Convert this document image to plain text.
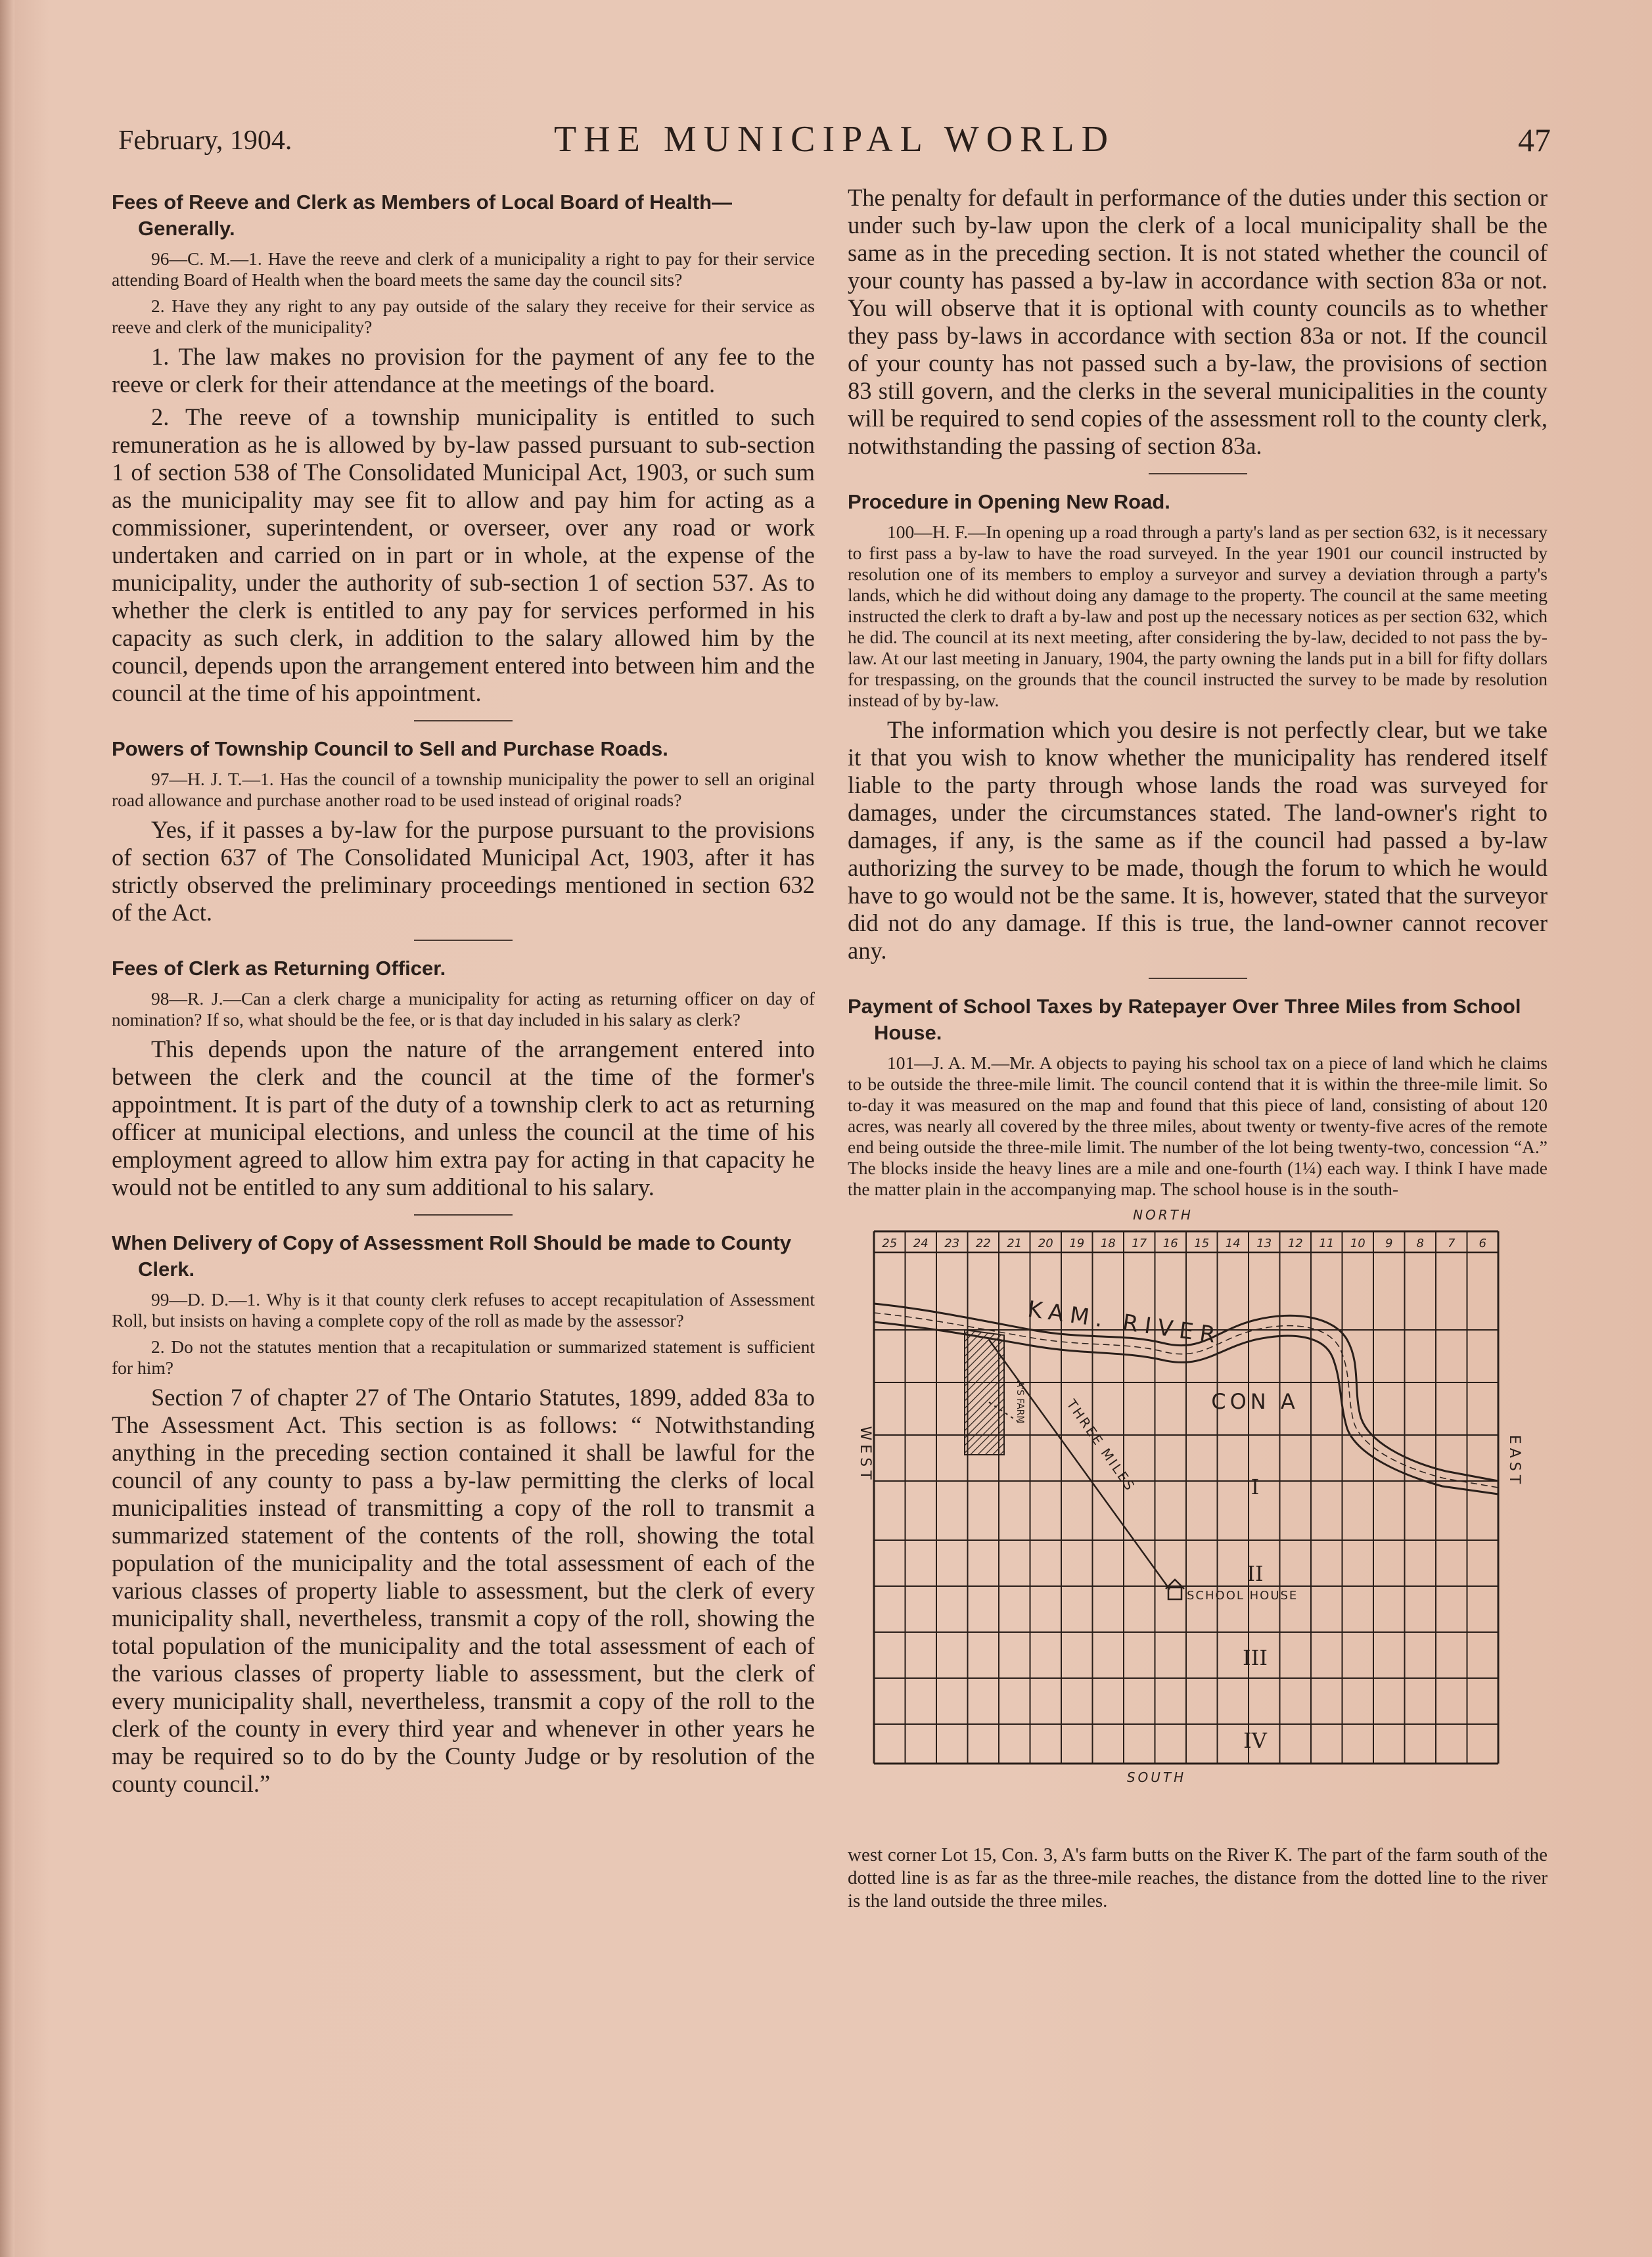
February, 1904.	THE MUNICIPAL WORLD	47
Fees of Reeve and Clerk as Members of Local Board of Health—Generally.

96—C. M.—1. Have the reeve and clerk of a municipality a right to pay for their service attending Board of Health when the board meets the same day the council sits?

2. Have they any right to any pay outside of the salary they receive for their service as reeve and clerk of the municipality?

1. The law makes no provision for the payment of any fee to the reeve or clerk for their attendance at the meetings of the board.

2. The reeve of a township municipality is entitled to such remuneration as he is allowed by by-law passed pursuant to sub-section 1 of section 538 of The Consolidated Municipal Act, 1903, or such sum as the municipality may see fit to allow and pay him for acting as a commissioner, superintendent, or overseer, over any road or work undertaken and carried on in part or in whole, at the expense of the municipality, under the authority of sub-section 1 of section 537. As to whether the clerk is entitled to any pay for services performed in his capacity as such clerk, in addition to the salary allowed him by the council, depends upon the arrangement entered into between him and the council at the time of his appointment.

Powers of Township Council to Sell and Purchase Roads.

97—H. J. T.—1. Has the council of a township municipality the power to sell an original road allowance and purchase another road to be used instead of original roads?

Yes, if it passes a by-law for the purpose pursuant to the provisions of section 637 of The Consolidated Municipal Act, 1903, after it has strictly observed the preliminary proceedings mentioned in section 632 of the Act.

Fees of Clerk as Returning Officer.

98—R. J.—Can a clerk charge a municipality for acting as returning officer on day of nomination? If so, what should be the fee, or is that day included in his salary as clerk?

This depends upon the nature of the arrangement entered into between the clerk and the council at the time of the former's appointment. It is part of the duty of a township clerk to act as returning officer at municipal elections, and unless the council at the time of his employment agreed to allow him extra pay for acting in that capacity he would not be entitled to any sum additional to his salary.

When Delivery of Copy of Assessment Roll Should be made to County Clerk.

99—D. D.—1. Why is it that county clerk refuses to accept recapitulation of Assessment Roll, but insists on having a complete copy of the roll as made by the assessor?

2. Do not the statutes mention that a recapitulation or summarized statement is sufficient for him?

Section 7 of chapter 27 of The Ontario Statutes, 1899, added 83a to The Assessment Act. This section is as follows: “ Notwithstanding anything in the preceding section contained it shall be lawful for the council of any county to pass a by-law permitting the clerks of local municipalities instead of transmitting a copy of the roll to transmit a summarized statement of the contents of the roll, showing the total population of the municipality and the total assessment of each of the various classes of property liable to assessment, but the clerk of every municipality shall, nevertheless, transmit a copy of the roll, showing the total population of the municipality and the total assessment of each of the various classes of property liable to assessment, but the clerk of every municipality shall, nevertheless, transmit a copy of the roll to the clerk of the county in every third year and whenever in other years he may be required so to do by the County Judge or by resolution of the county council.”

The penalty for default in performance of the duties under this section or under such by-law upon the clerk of a local municipality shall be the same as in the preceding section. It is not stated whether the council of your county has passed a by-law in accordance with section 83a or not. You will observe that it is optional with county councils as to whether they pass by-laws in accordance with section 83a or not. If the council of your county has not passed such a by-law, the provisions of section 83 still govern, and the clerks in the several municipalities in the county will be required to send copies of the assessment roll to the county clerk, notwithstanding the passing of section 83a.

Procedure in Opening New Road.

100—H. F.—In opening up a road through a party's land as per section 632, is it necessary to first pass a by-law to have the road surveyed. In the year 1901 our council instructed by resolution one of its members to employ a surveyor and survey a deviation through a party's lands, which he did without doing any damage to the property. The council at the same meeting instructed the clerk to draft a by-law and post up the necessary notices as per section 632, which he did. The council at its next meeting, after considering the by-law, decided to not pass the by-law. At our last meeting in January, 1904, the party owning the lands put in a bill for fifty dollars for trespassing, on the grounds that the council instructed the survey to be made by resolution instead of by by-law.

The information which you desire is not perfectly clear, but we take it that you wish to know whether the municipality has rendered itself liable to the party through whose lands the road was surveyed for damages, under the circumstances stated. The land-owner's right to damages, if any, is the same as if the council had passed a by-law authorizing the survey to be made, though the forum to which he would have to go would not be the same. It is, however, stated that the surveyor did not do any damage. If this is true, the land-owner cannot recover any.

Payment of School Taxes by Ratepayer Over Three Miles from School House.

101—J. A. M.—Mr. A objects to paying his school tax on a piece of land which he claims to be outside the three-mile limit. The council contend that it is within the three-mile limit. So to-day it was measured on the map and found that this piece of land, consisting of about 120 acres, was nearly all covered by the three miles, about twenty or twenty-five acres of the remote end being outside the three-mile limit. The number of the lot being twenty-two, concession “A.” The blocks inside the heavy lines are a mile and one-fourth (1¼) each way. I think I have made the matter plain in the accompanying map. The school house is in the south-

25 24 23 22 21 20 19 18 17 16 15 14 13 12 11 10 9 8 7 6
NORTH
SOUTH
EAST
WEST
KAM. RIVER
CON A
THREE MILES
A'S FARM
SCHOOL HOUSE
I
II
III
IV

west corner Lot 15, Con. 3, A's farm butts on the River K. The part of the farm south of the dotted line is as far as the three-mile reaches, the distance from the dotted line to the river is the land outside the three miles.
